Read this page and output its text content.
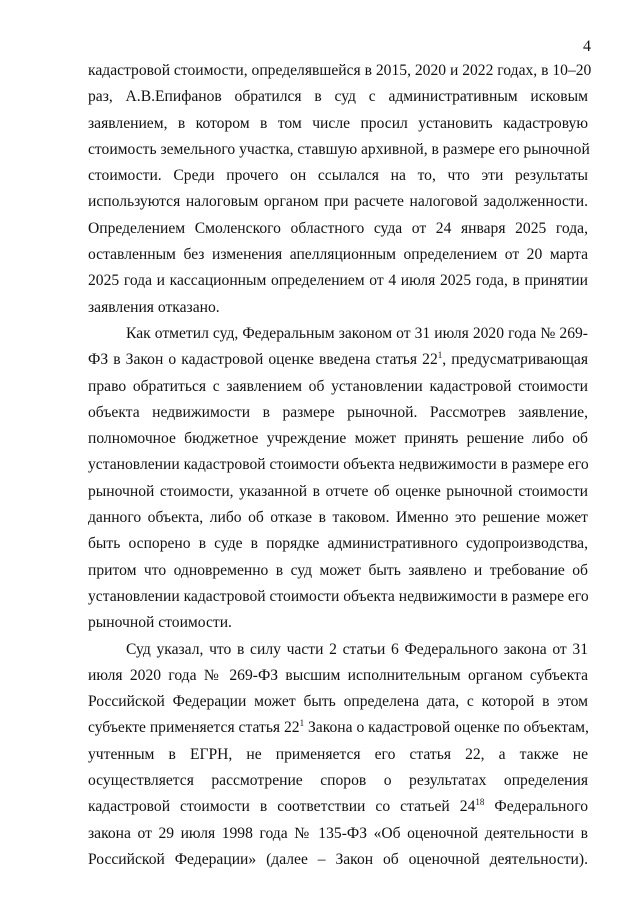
4
кадастровой стоимости, определявшейся в 2015, 2020 и 2022 годах, в 10–20
раз, А.В.Епифанов обратился в суд с административным исковым
заявлением, в котором в том числе просил установить кадастровую
стоимость земельного участка, ставшую архивной, в размере его рыночной
стоимости. Среди прочего он ссылался на то, что эти результаты
используются налоговым органом при расчете налоговой задолженности.
Определением Смоленского областного суда от 24 января 2025 года,
оставленным без изменения апелляционным определением от 20 марта
2025 года и кассационным определением от 4 июля 2025 года, в принятии
заявления отказано.
Как отметил суд, Федеральным законом от 31 июля 2020 года № 269-
ФЗ в Закон о кадастровой оценке введена статья $22^1$, предусматривающая
право обратиться с заявлением об установлении кадастровой стоимости
объекта недвижимости в размере рыночной. Рассмотрев заявление,
полномочное бюджетное учреждение может принять решение либо об
установлении кадастровой стоимости объекта недвижимости в размере его
рыночной стоимости, указанной в отчете об оценке рыночной стоимости
данного объекта, либо об отказе в таковом. Именно это решение может
быть оспорено в суде в порядке административного судопроизводства,
притом что одновременно в суд может быть заявлено и требование об
установлении кадастровой стоимости объекта недвижимости в размере его
рыночной стоимости.
Суд указал, что в силу части 2 статьи 6 Федерального закона от 31
июля 2020 года № 269-ФЗ высшим исполнительным органом субъекта
Российской Федерации может быть определена дата, с которой в этом
субъекте применяется статья $22^1$ Закона о кадастровой оценке по объектам,
учтенным в ЕГРН, не применяется его статья 22, а также не
осуществляется рассмотрение споров о результатах определения
кадастровой стоимости в соответствии со статьей $24^{18}$ Федерального
закона от 29 июля 1998 года № 135-ФЗ «Об оценочной деятельности в
Российской Федерации» (далее – Закон об оценочной деятельности).
